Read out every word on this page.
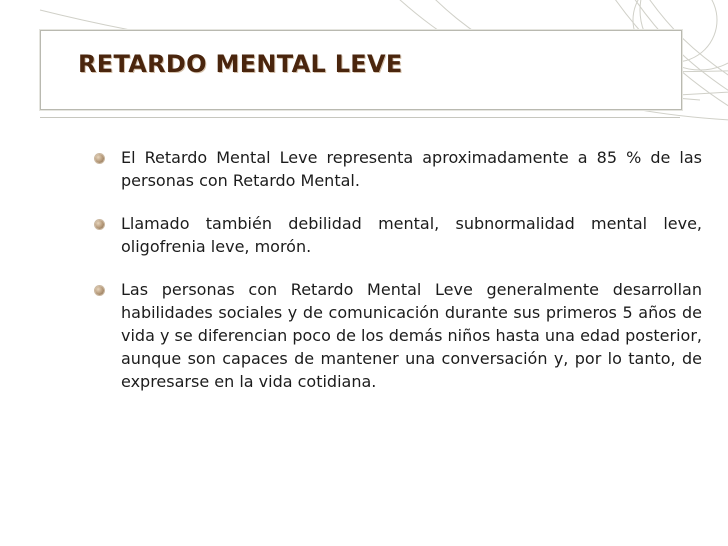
RETARDO MENTAL LEVE
El Retardo Mental Leve representa aproximadamente a 85 % de las personas con Retardo Mental.
Llamado también debilidad mental, subnormalidad mental leve, oligofrenia leve, morón.
Las personas con Retardo Mental Leve generalmente desarrollan habilidades sociales y de comunicación durante sus primeros 5 años de vida y se diferencian poco de los demás niños hasta una edad posterior, aunque son capaces de mantener una conversación y, por lo tanto, de expresarse en la vida cotidiana.
